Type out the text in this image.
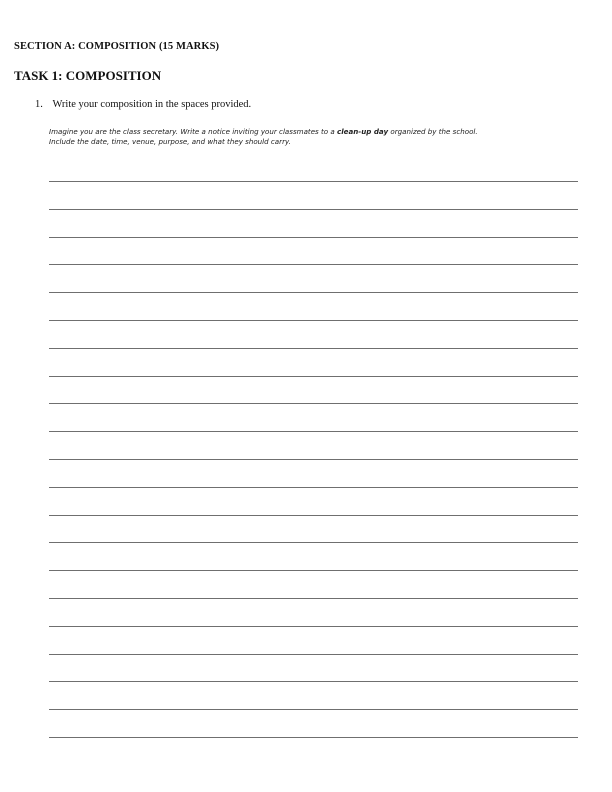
SECTION A: COMPOSITION (15 MARKS)
TASK 1: COMPOSITION
1. Write your composition in the spaces provided.
Imagine you are the class secretary. Write a notice inviting your classmates to a clean-up day organized by the school.
Include the date, time, venue, purpose, and what they should carry.
